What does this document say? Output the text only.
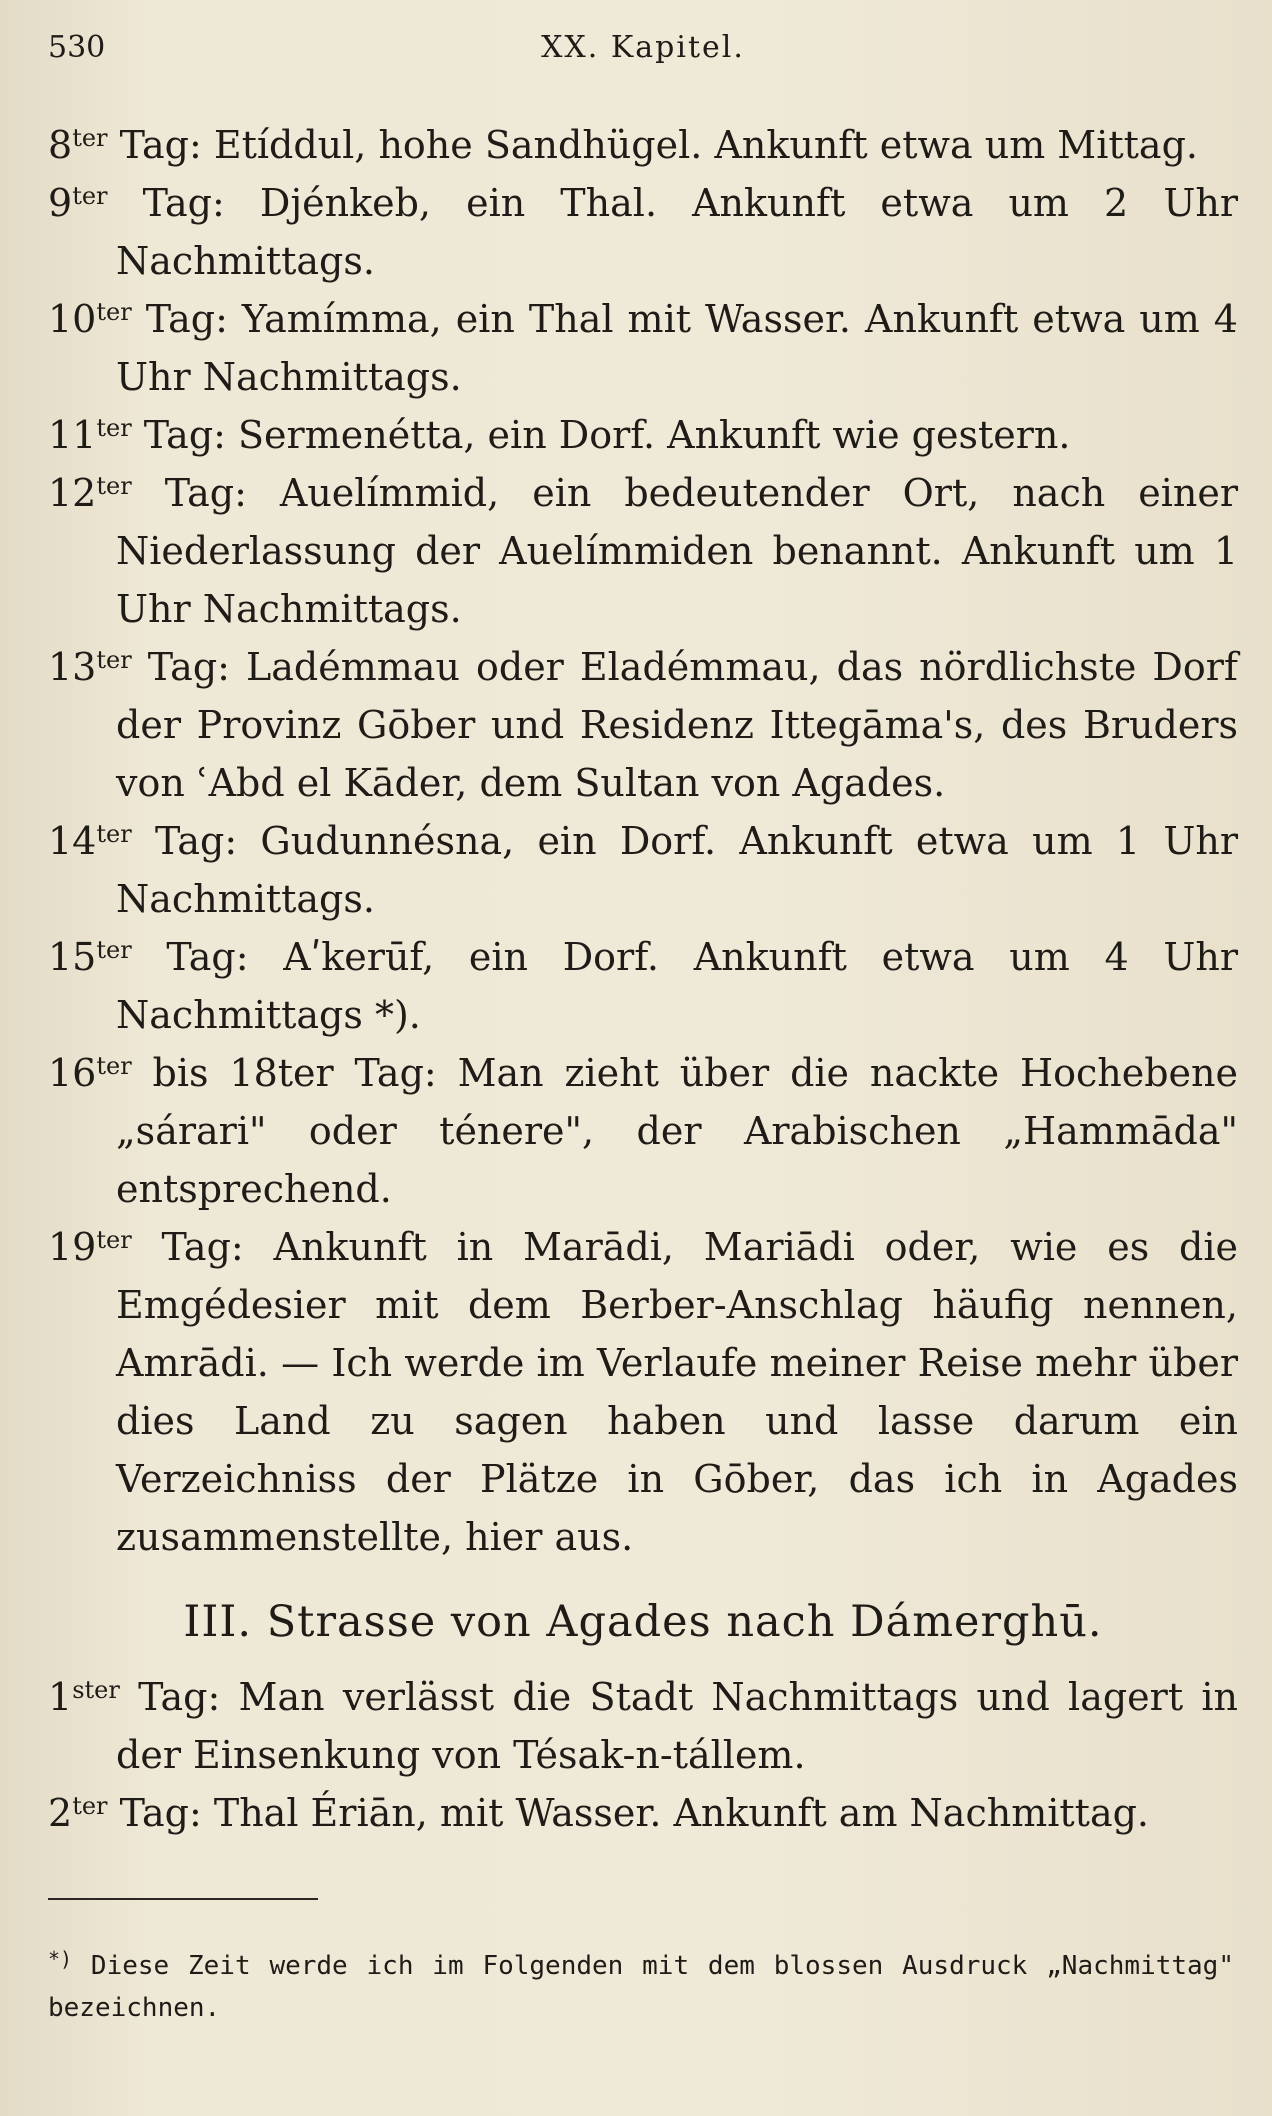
530	XX. Kapitel.

$8^{ter}$ Tag: Etíddul, hohe Sandhügel. Ankunft etwa um Mittag.

$9^{ter}$ Tag: Djénkeb, ein Thal. Ankunft etwa um 2 Uhr Nachmittags.

$10^{ter}$ Tag: Yamímma, ein Thal mit Wasser. Ankunft etwa um 4 Uhr Nachmittags.

$11^{ter}$ Tag: Sermenétta, ein Dorf. Ankunft wie gestern.

$12^{ter}$ Tag: Auelímmid, ein bedeutender Ort, nach einer Niederlassung der Auelímmiden benannt. Ankunft um 1 Uhr Nachmittags.

$13^{ter}$ Tag: Ladémmau oder Eladémmau, das nördlichste Dorf der Provinz Gōber und Residenz Ittegāma's, des Bruders von ʿAbd el Kāder, dem Sultan von Agades.

$14^{ter}$ Tag: Gudunnésna, ein Dorf. Ankunft etwa um 1 Uhr Nachmittags.

$15^{ter}$ Tag: Aʹkerūf, ein Dorf. Ankunft etwa um 4 Uhr Nachmittags *).

$16^{ter}$ bis 18ter Tag: Man zieht über die nackte Hochebene „sárari" oder ténere", der Arabischen „Hammāda" entsprechend.

$19^{ter}$ Tag: Ankunft in Marādi, Mariādi oder, wie es die Emgédesier mit dem Berber-Anschlag häufig nennen, Amrādi. — Ich werde im Verlaufe meiner Reise mehr über dies Land zu sagen haben und lasse darum ein Verzeichniss der Plätze in Gōber, das ich in Agades zusammenstellte, hier aus.

III. Strasse von Agades nach Dámerghū.

$1^{ster}$ Tag: Man verlässt die Stadt Nachmittags und lagert in der Einsenkung von Tésak-n-tállem.

$2^{ter}$ Tag: Thal Ériān, mit Wasser. Ankunft am Nachmittag.

*) Diese Zeit werde ich im Folgenden mit dem blossen Ausdruck „Nachmittag" bezeichnen.
